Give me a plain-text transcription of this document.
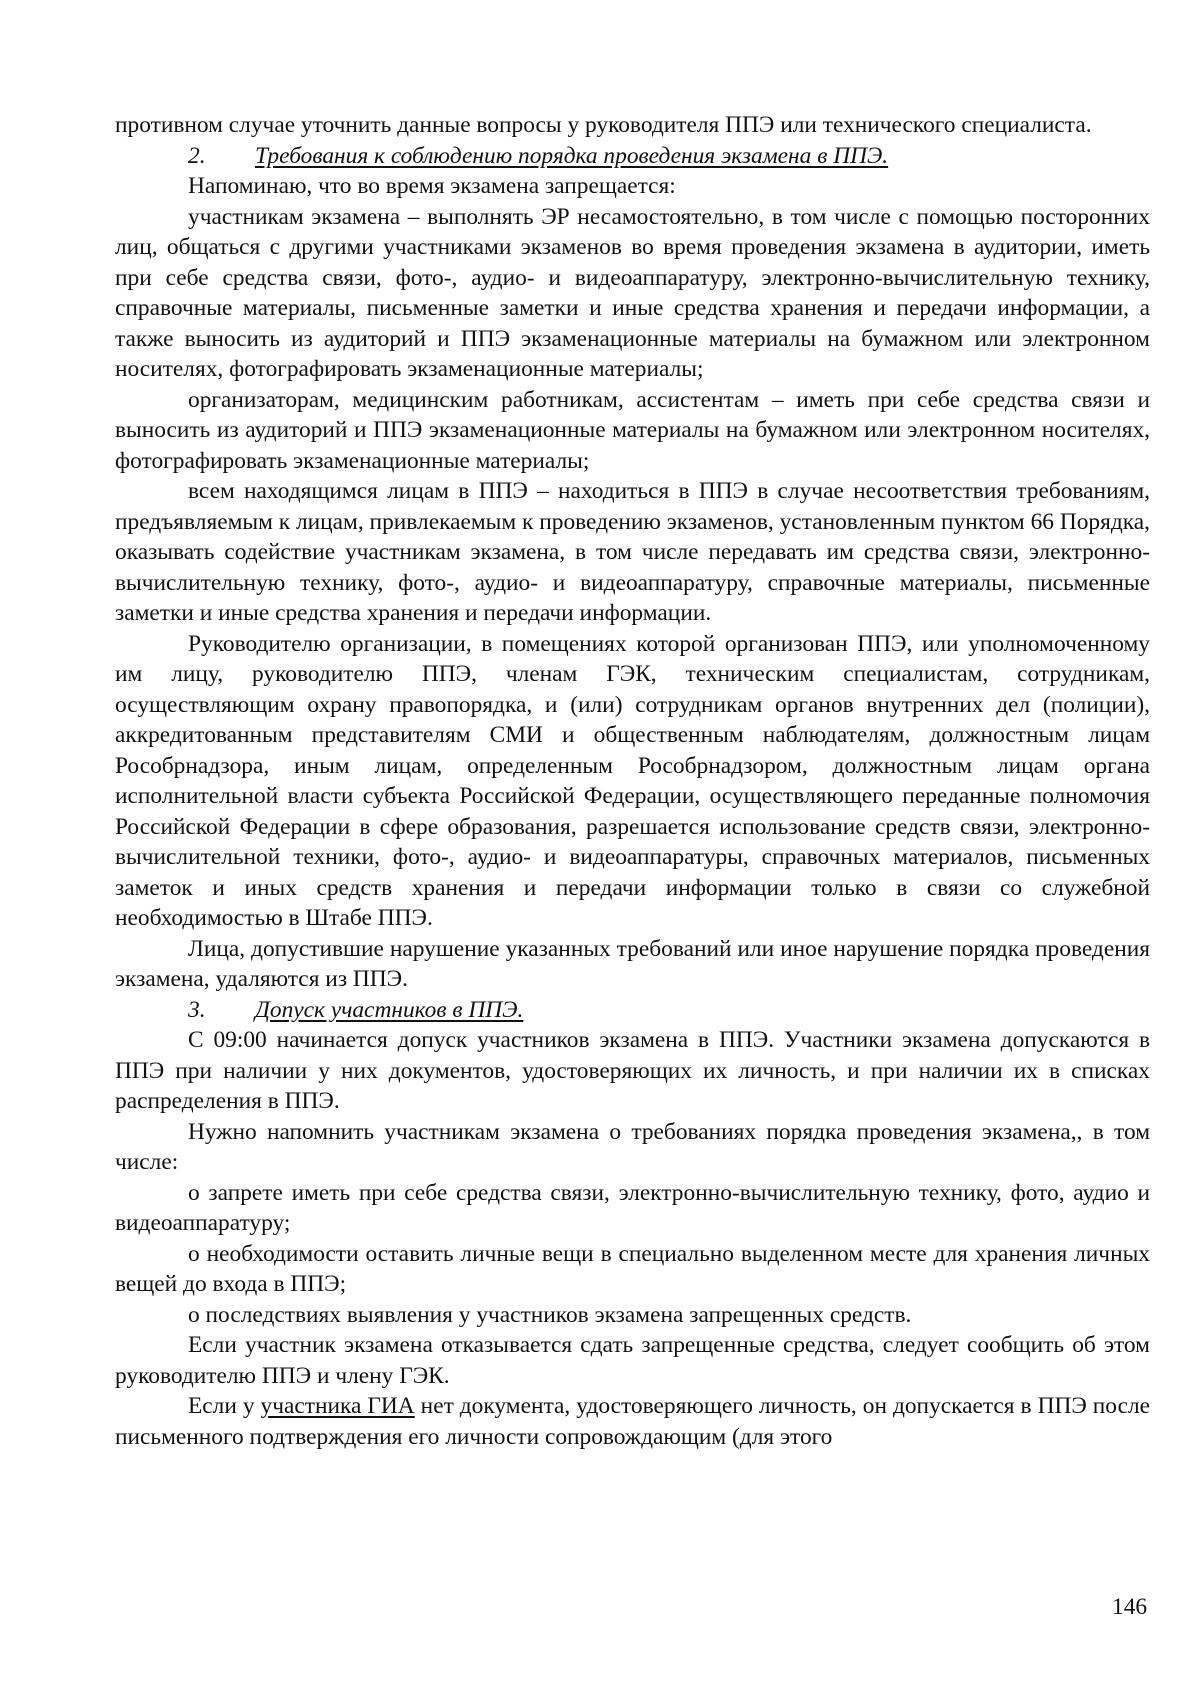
противном случае уточнить данные вопросы у руководителя ППЭ или технического специалиста.

2. Требования к соблюдению порядка проведения экзамена в ППЭ.

Напоминаю, что во время экзамена запрещается:

участникам экзамена – выполнять ЭР несамостоятельно, в том числе с помощью посторонних лиц, общаться с другими участниками экзаменов во время проведения экзамена в аудитории, иметь при себе средства связи, фото-, аудио- и видеоаппаратуру, электронно-вычислительную технику, справочные материалы, письменные заметки и иные средства хранения и передачи информации, а также выносить из аудиторий и ППЭ экзаменационные материалы на бумажном или электронном носителях, фотографировать экзаменационные материалы;

организаторам, медицинским работникам, ассистентам – иметь при себе средства связи и выносить из аудиторий и ППЭ экзаменационные материалы на бумажном или электронном носителях, фотографировать экзаменационные материалы;

всем находящимся лицам в ППЭ – находиться в ППЭ в случае несоответствия требованиям, предъявляемым к лицам, привлекаемым к проведению экзаменов, установленным пунктом 66 Порядка, оказывать содействие участникам экзамена, в том числе передавать им средства связи, электронно-вычислительную технику, фото-, аудио- и видеоаппаратуру, справочные материалы, письменные заметки и иные средства хранения и передачи информации.

Руководителю организации, в помещениях которой организован ППЭ, или уполномоченному им лицу, руководителю ППЭ, членам ГЭК, техническим специалистам, сотрудникам, осуществляющим охрану правопорядка, и (или) сотрудникам органов внутренних дел (полиции), аккредитованным представителям СМИ и общественным наблюдателям, должностным лицам Рособрнадзора, иным лицам, определенным Рособрнадзором, должностным лицам органа исполнительной власти субъекта Российской Федерации, осуществляющего переданные полномочия Российской Федерации в сфере образования, разрешается использование средств связи, электронно-вычислительной техники, фото-, аудио- и видеоаппаратуры, справочных материалов, письменных заметок и иных средств хранения и передачи информации только в связи со служебной необходимостью в Штабе ППЭ.

Лица, допустившие нарушение указанных требований или иное нарушение порядка проведения экзамена, удаляются из ППЭ.

3. Допуск участников в ППЭ.

С 09:00 начинается допуск участников экзамена в ППЭ. Участники экзамена допускаются в ППЭ при наличии у них документов, удостоверяющих их личность, и при наличии их в списках распределения в ППЭ.

Нужно напомнить участникам экзамена о требованиях порядка проведения экзамена,, в том числе:

о запрете иметь при себе средства связи, электронно-вычислительную технику, фото, аудио и видеоаппаратуру;

о необходимости оставить личные вещи в специально выделенном месте для хранения личных вещей до входа в ППЭ;

о последствиях выявления у участников экзамена запрещенных средств.

Если участник экзамена отказывается сдать запрещенные средства, следует сообщить об этом руководителю ППЭ и члену ГЭК.

Если у участника ГИА нет документа, удостоверяющего личность, он допускается в ППЭ после письменного подтверждения его личности сопровождающим (для этого

146
